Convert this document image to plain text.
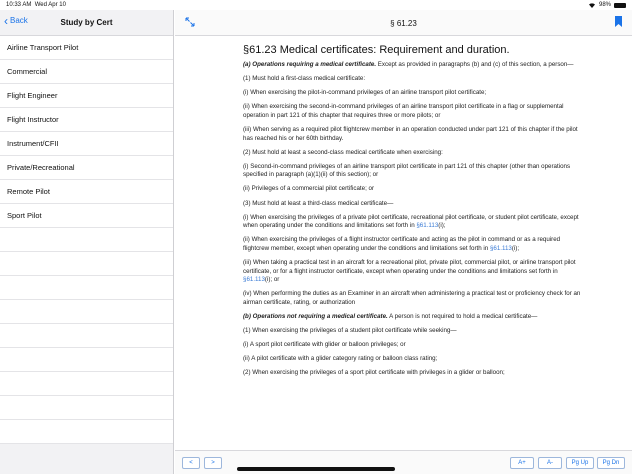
10:33 AM Wed Apr 10	98%
‹ Back	Study by Cert
Airline Transport Pilot
Commercial
Flight Engineer
Flight Instructor
Instrument/CFII
Private/Recreational
Remote Pilot
Sport Pilot
§ 61.23
§61.23 Medical certificates: Requirement and duration.

(a) Operations requiring a medical certificate. Except as provided in paragraphs (b) and (c) of this section, a person—

(1) Must hold a first-class medical certificate:

(i) When exercising the pilot-in-command privileges of an airline transport pilot certificate;

(ii) When exercising the second-in-command privileges of an airline transport pilot certificate in a flag or supplemental operation in part 121 of this chapter that requires three or more pilots; or

(iii) When serving as a required pilot flightcrew member in an operation conducted under part 121 of this chapter if the pilot has reached his or her 60th birthday.

(2) Must hold at least a second-class medical certificate when exercising:

(i) Second-in-command privileges of an airline transport pilot certificate in part 121 of this chapter (other than operations specified in paragraph (a)(1)(ii) of this section); or

(ii) Privileges of a commercial pilot certificate; or

(3) Must hold at least a third-class medical certificate—

(i) When exercising the privileges of a private pilot certificate, recreational pilot certificate, or student pilot certificate, except when operating under the conditions and limitations set forth in §61.113(i);

(ii) When exercising the privileges of a flight instructor certificate and acting as the pilot in command or as a required flightcrew member, except when operating under the conditions and limitations set forth in §61.113(i);

(iii) When taking a practical test in an aircraft for a recreational pilot, private pilot, commercial pilot, or airline transport pilot certificate, or for a flight instructor certificate, except when operating under the conditions and limitations set forth in §61.113(i); or

(iv) When performing the duties as an Examiner in an aircraft when administering a practical test or proficiency check for an airman certificate, rating, or authorization

(b) Operations not requiring a medical certificate. A person is not required to hold a medical certificate—

(1) When exercising the privileges of a student pilot certificate while seeking—

(i) A sport pilot certificate with glider or balloon privileges; or

(ii) A pilot certificate with a glider category rating or balloon class rating;

(2) When exercising the privileges of a sport pilot certificate with privileges in a glider or balloon;

<	>	A+	A-	Pg Up	Pg Dn
